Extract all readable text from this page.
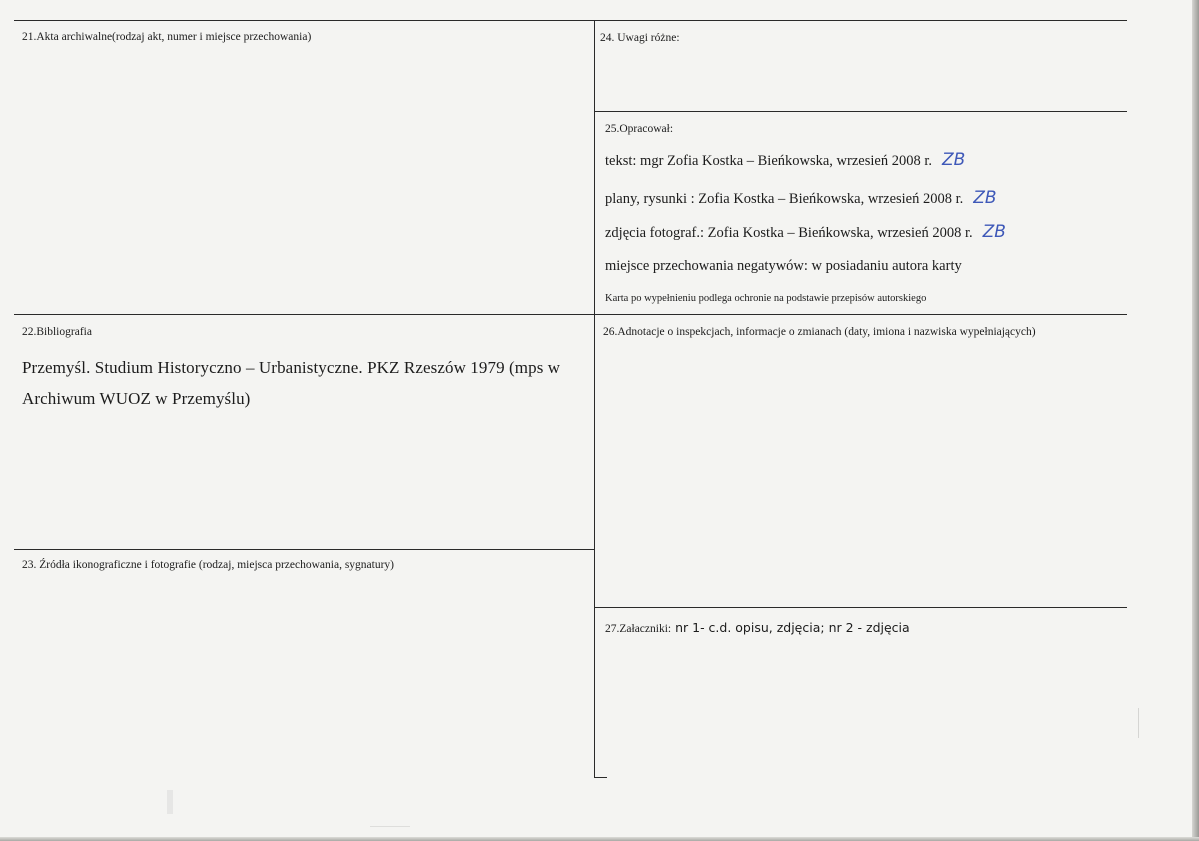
21.Akta archiwalne(rodzaj akt, numer i miejsce przechowania)
22.Bibliografia
Przemyśl. Studium Historyczno – Urbanistyczne. PKZ Rzeszów 1979 (mps w
Archiwum WUOZ w Przemyślu)
23. Źródła ikonograficzne i fotografie (rodzaj, miejsca przechowania, sygnatury)
24. Uwagi różne:
25.Opracował:
tekst: mgr Zofia Kostka – Bieńkowska, wrzesień 2008 r. ZB
plany, rysunki : Zofia Kostka – Bieńkowska, wrzesień 2008 r. ZB
zdjęcia fotograf.: Zofia Kostka – Bieńkowska, wrzesień 2008 r. ZB
miejsce przechowania negatywów: w posiadaniu autora karty
Karta po wypełnieniu podlega ochronie na podstawie przepisów autorskiego
26.Adnotacje o inspekcjach, informacje o zmianach (daty, imiona i nazwiska wypełniających)
27.Załaczniki: nr 1- c.d. opisu, zdjęcia; nr 2 - zdjęcia
